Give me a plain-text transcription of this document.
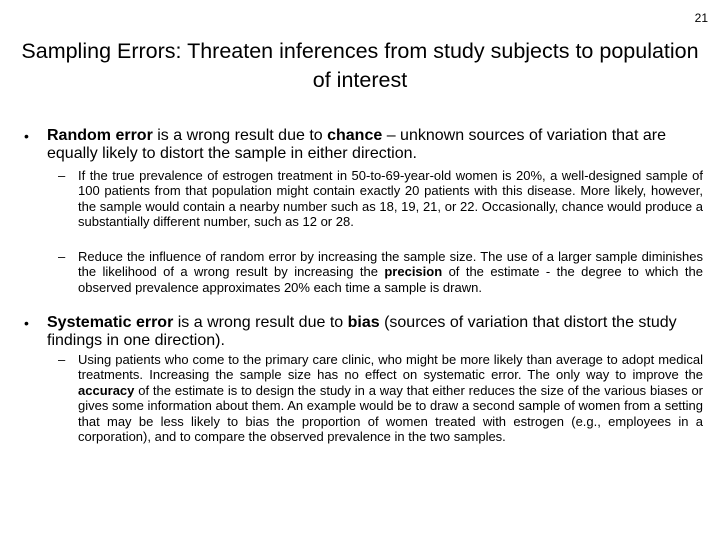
21
Sampling Errors: Threaten inferences from study subjects to population of interest
• Random error is a wrong result due to chance – unknown sources of variation that are equally likely to distort the sample in either direction.
– If the true prevalence of estrogen treatment in 50-to-69-year-old women is 20%, a well-designed sample of 100 patients from that population might contain exactly 20 patients with this disease. More likely, however, the sample would contain a nearby number such as 18, 19, 21, or 22. Occasionally, chance would produce a substantially different number, such as 12 or 28.
– Reduce the influence of random error by increasing the sample size. The use of a larger sample diminishes the likelihood of a wrong result by increasing the precision of the estimate - the degree to which the observed prevalence approximates 20% each time a sample is drawn.
• Systematic error is a wrong result due to bias (sources of variation that distort the study findings in one direction).
– Using patients who come to the primary care clinic, who might be more likely than average to adopt medical treatments. Increasing the sample size has no effect on systematic error. The only way to improve the accuracy of the estimate is to design the study in a way that either reduces the size of the various biases or gives some information about them. An example would be to draw a second sample of women from a setting that may be less likely to bias the proportion of women treated with estrogen (e.g., employees in a corporation), and to compare the observed prevalence in the two samples.
